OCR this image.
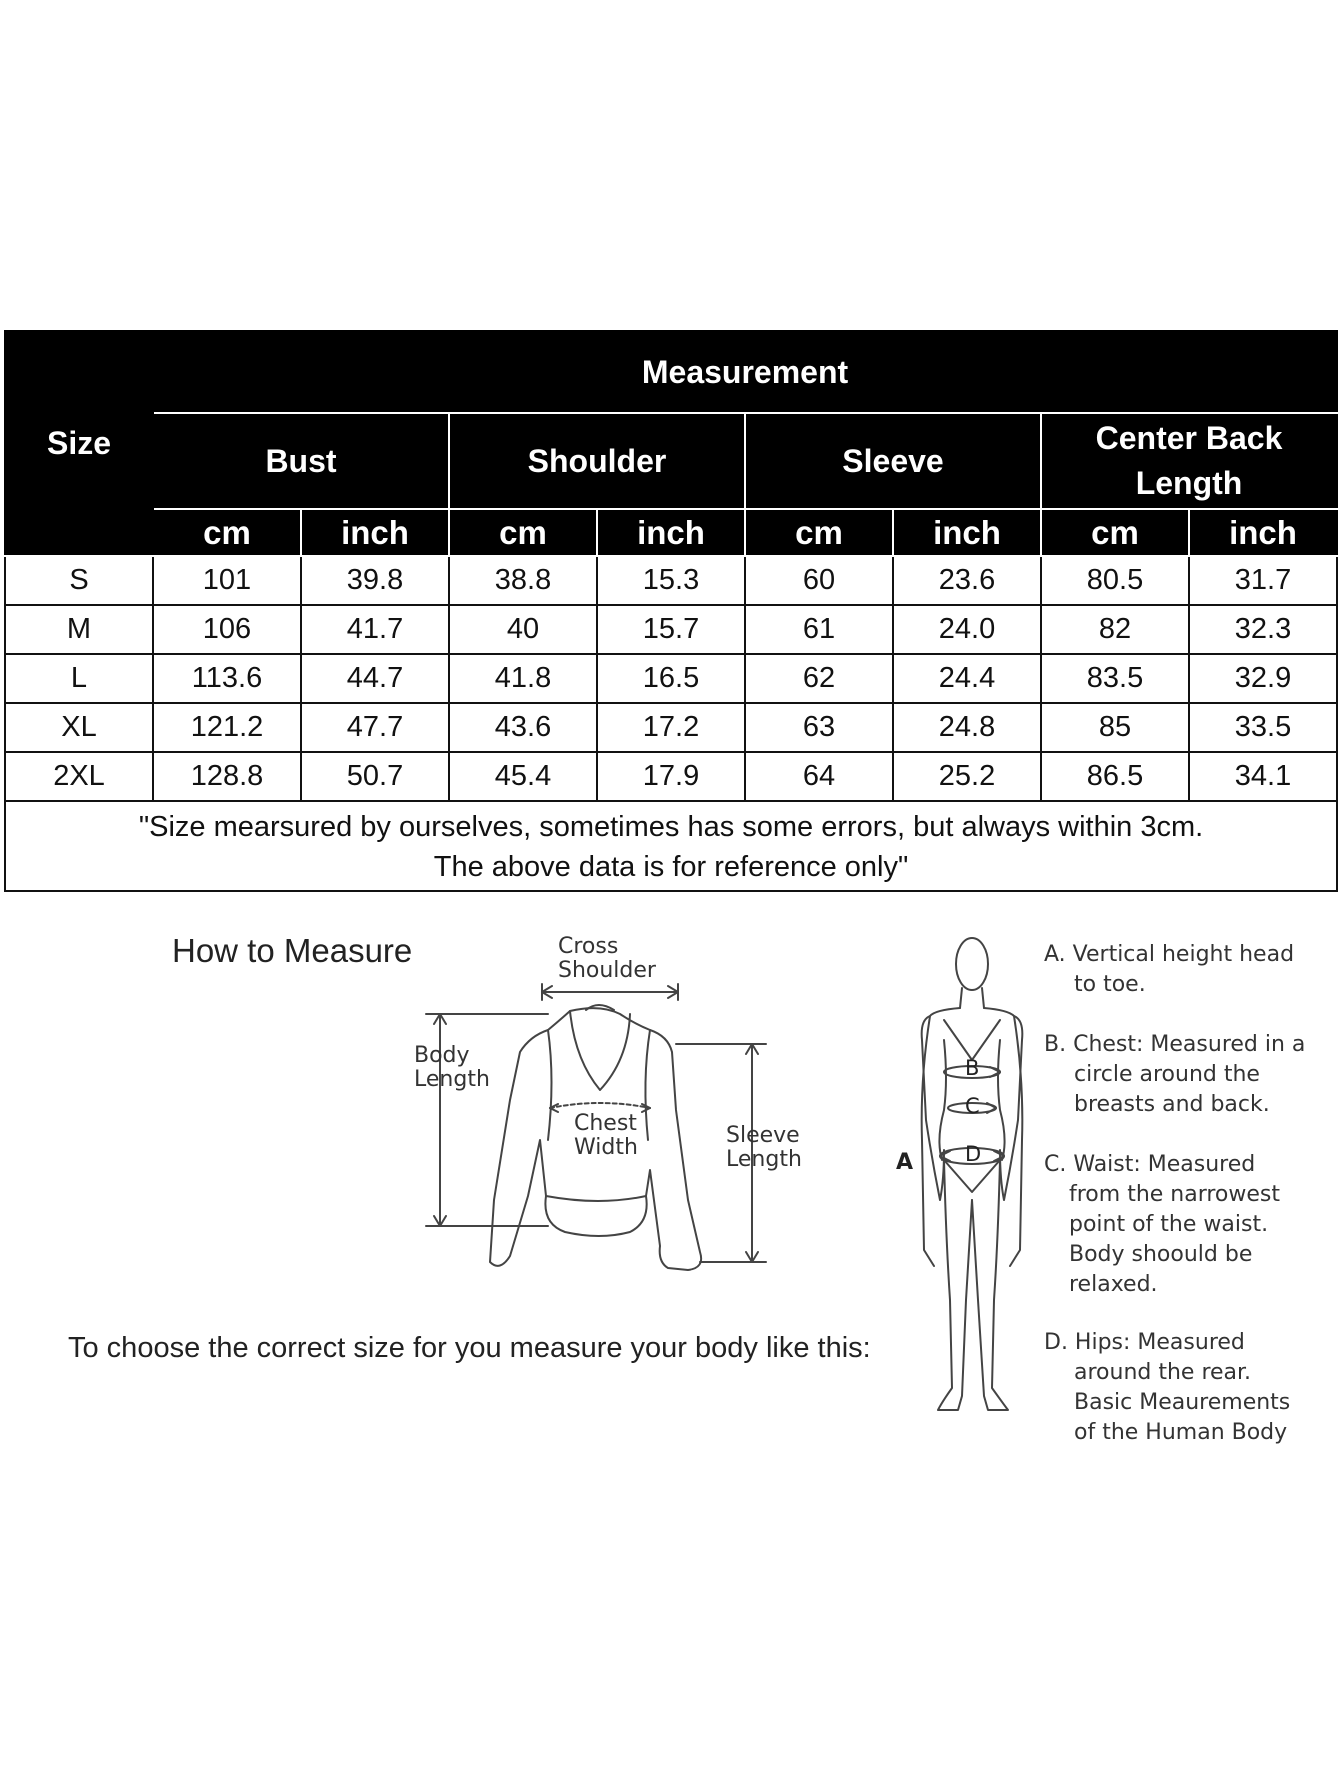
Size	Measurement							
	Bust		Shoulder		Sleeve		Center Back Length	
	cm	inch	cm	inch	cm	inch	cm	inch
S	101	39.8	38.8	15.3	60	23.6	80.5	31.7
M	106	41.7	40	15.7	61	24.0	82	32.3
L	113.6	44.7	41.8	16.5	62	24.4	83.5	32.9
XL	121.2	47.7	43.6	17.2	63	24.8	85	33.5
2XL	128.8	50.7	45.4	17.9	64	25.2	86.5	34.1
"Size mearsured by ourselves, sometimes has some errors, but always within 3cm.
The above data is for reference only"								
How to Measure	Cross
Shoulder
Body
Length
Chest
Width	Sleeve
Length	A
B
C
D
A. Vertical height head
to toe.
B. Chest: Measured in a
circle around the
breasts and back.
C. Waist: Measured
from the narrowest
point of the waist.
Body shoould be
relaxed.
D. Hips: Measured
around the rear.
Basic Meaurements
of the Human Body
To choose the correct size for you measure your body like this:
